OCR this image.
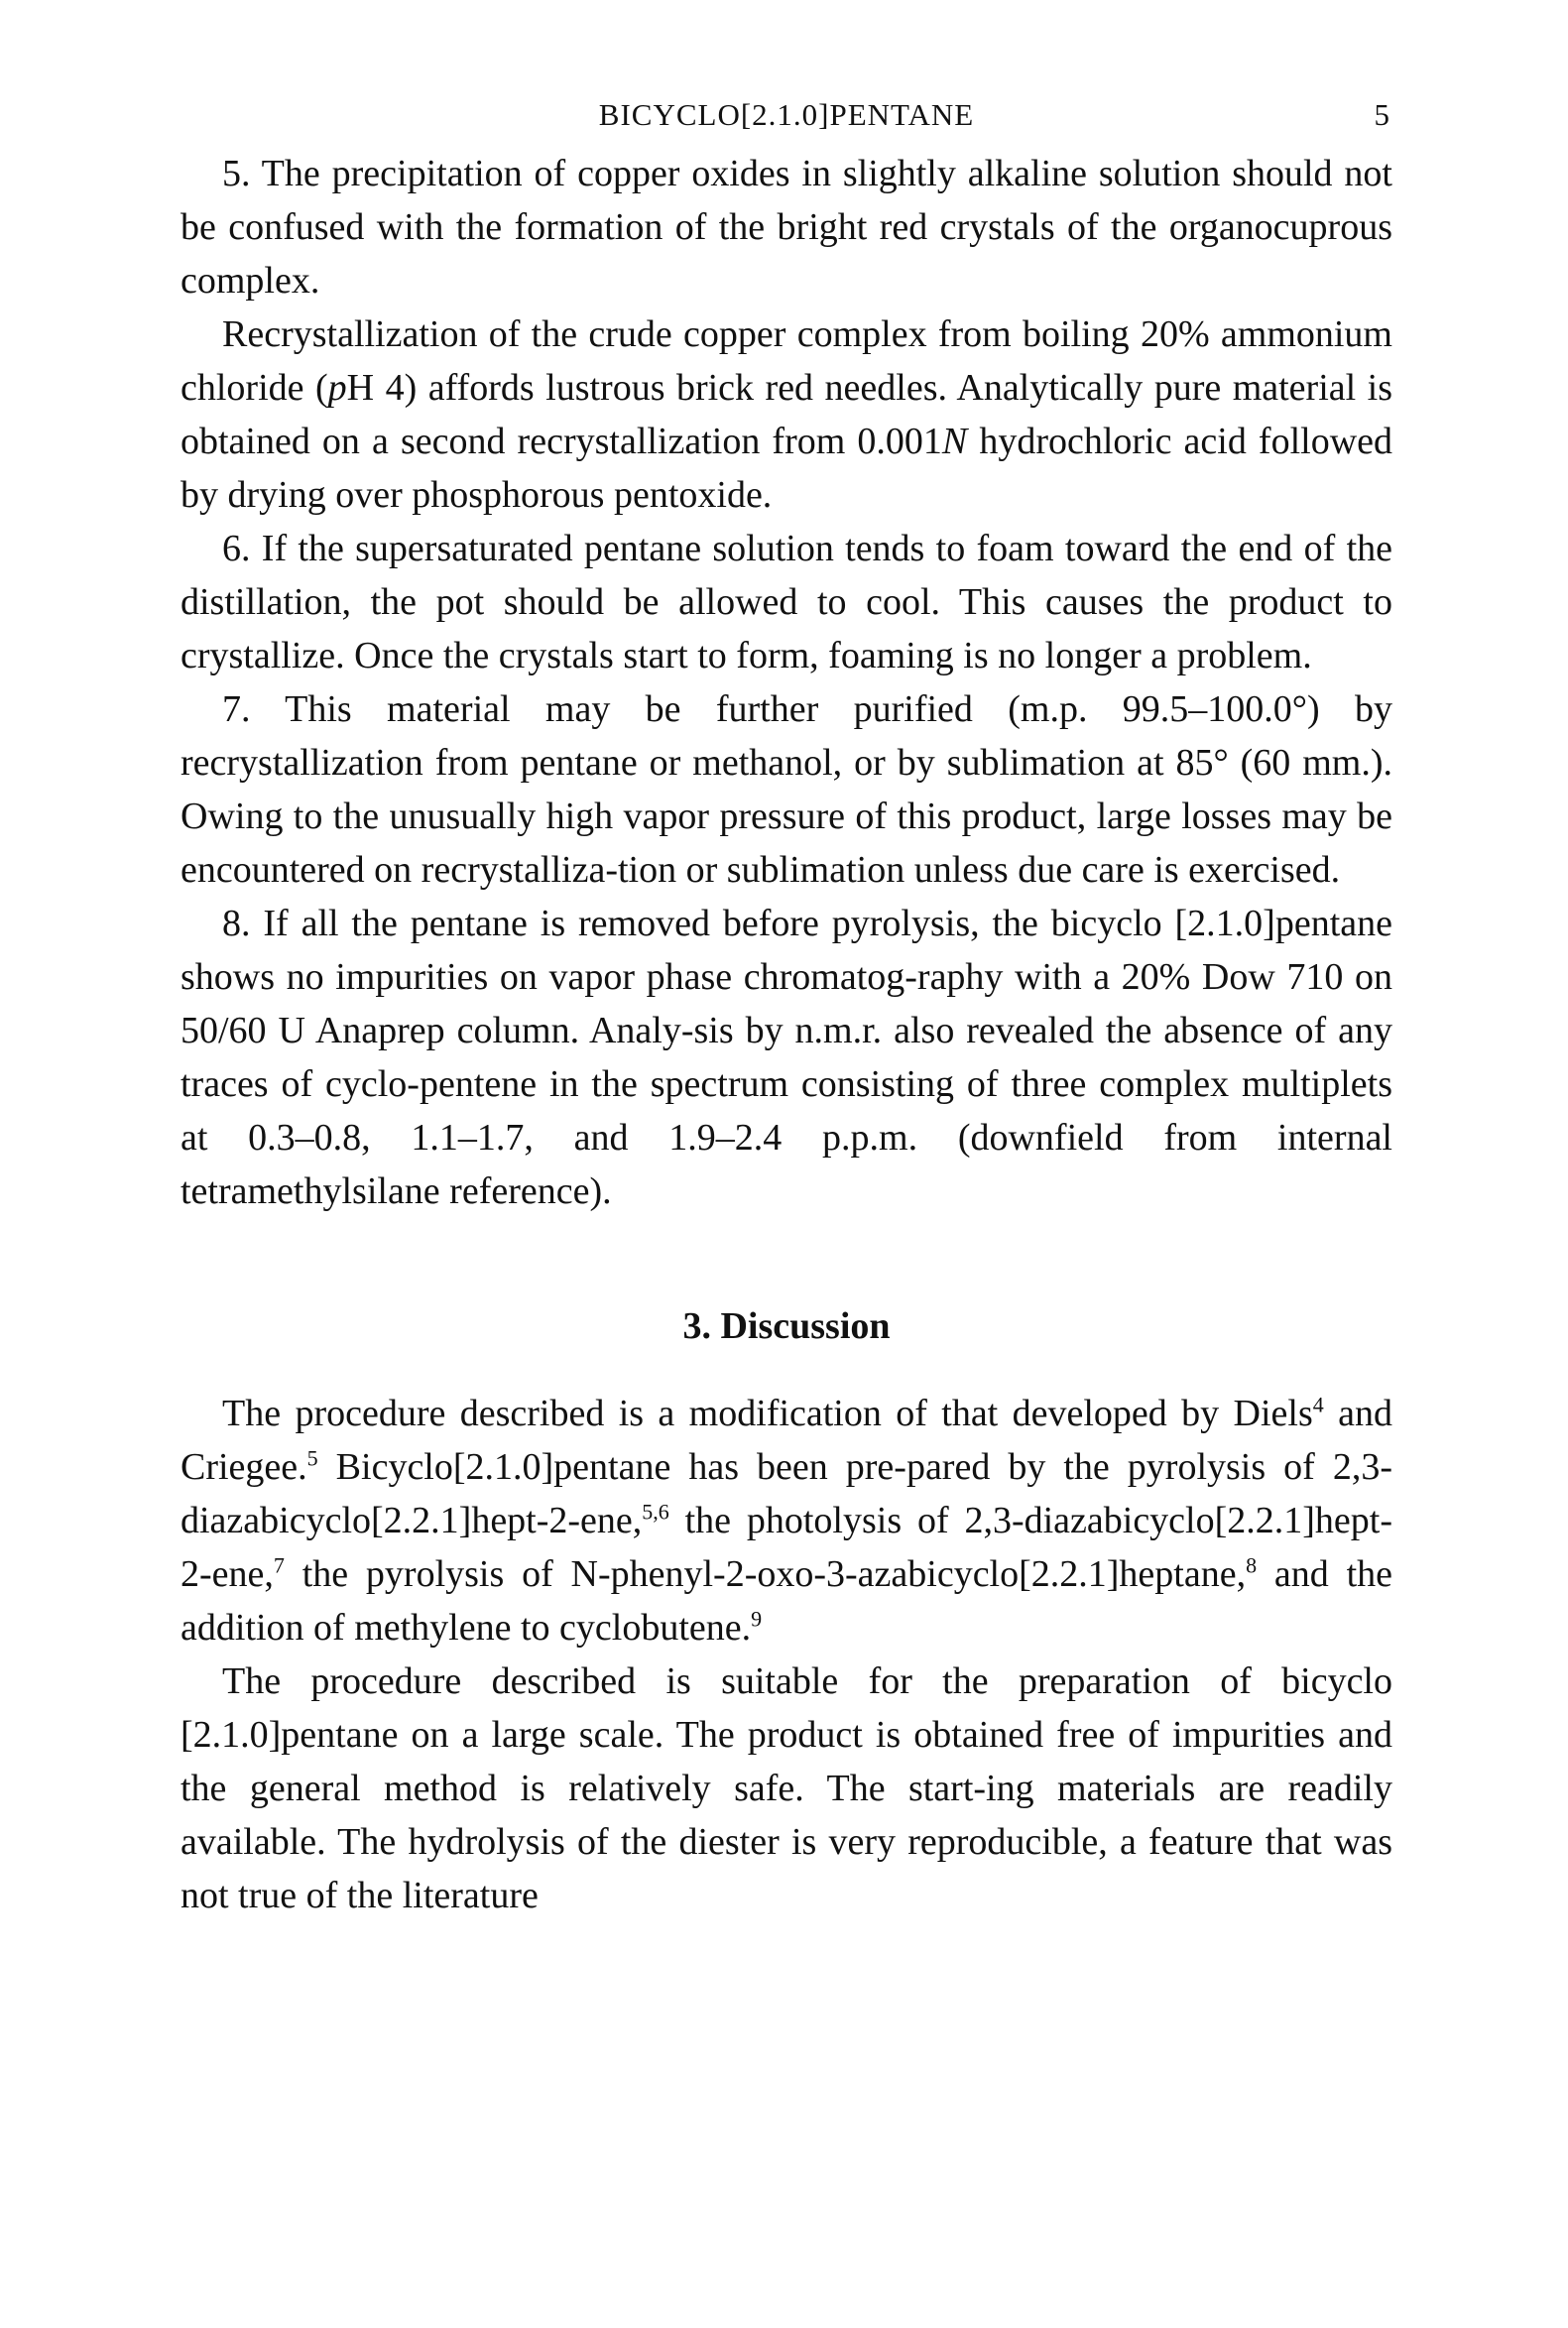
BICYCLO[2.1.0]PENTANE	5

5. The precipitation of copper oxides in slightly alkaline solution should not be confused with the formation of the bright red crystals of the organocuprous complex.

Recrystallization of the crude copper complex from boiling 20% ammonium chloride (pH 4) affords lustrous brick red needles. Analytically pure material is obtained on a second recrystallization from 0.001N hydrochloric acid followed by drying over phosphorous pentoxide.

6. If the supersaturated pentane solution tends to foam toward the end of the distillation, the pot should be allowed to cool. This causes the product to crystallize. Once the crystals start to form, foaming is no longer a problem.

7. This material may be further purified (m.p. 99.5–100.0°) by recrystallization from pentane or methanol, or by sublimation at 85° (60 mm.). Owing to the unusually high vapor pressure of this product, large losses may be encountered on recrystalliza-tion or sublimation unless due care is exercised.

8. If all the pentane is removed before pyrolysis, the bicyclo [2.1.0]pentane shows no impurities on vapor phase chromatog-raphy with a 20% Dow 710 on 50/60 U Anaprep column. Analy-sis by n.m.r. also revealed the absence of any traces of cyclo-pentene in the spectrum consisting of three complex multiplets at 0.3–0.8, 1.1–1.7, and 1.9–2.4 p.p.m. (downfield from internal tetramethylsilane reference).

3. Discussion

The procedure described is a modification of that developed by Diels$^4$ and Criegee.$^5$ Bicyclo[2.1.0]pentane has been pre-pared by the pyrolysis of 2,3-diazabicyclo[2.2.1]hept-2-ene,$^{5,6}$ the photolysis of 2,3-diazabicyclo[2.2.1]hept-2-ene,$^7$ the pyrolysis of N-phenyl-2-oxo-3-azabicyclo[2.2.1]heptane,$^8$ and the addition of methylene to cyclobutene.$^9$

The procedure described is suitable for the preparation of bicyclo [2.1.0]pentane on a large scale. The product is obtained free of impurities and the general method is relatively safe. The start-ing materials are readily available. The hydrolysis of the diester is very reproducible, a feature that was not true of the literature
